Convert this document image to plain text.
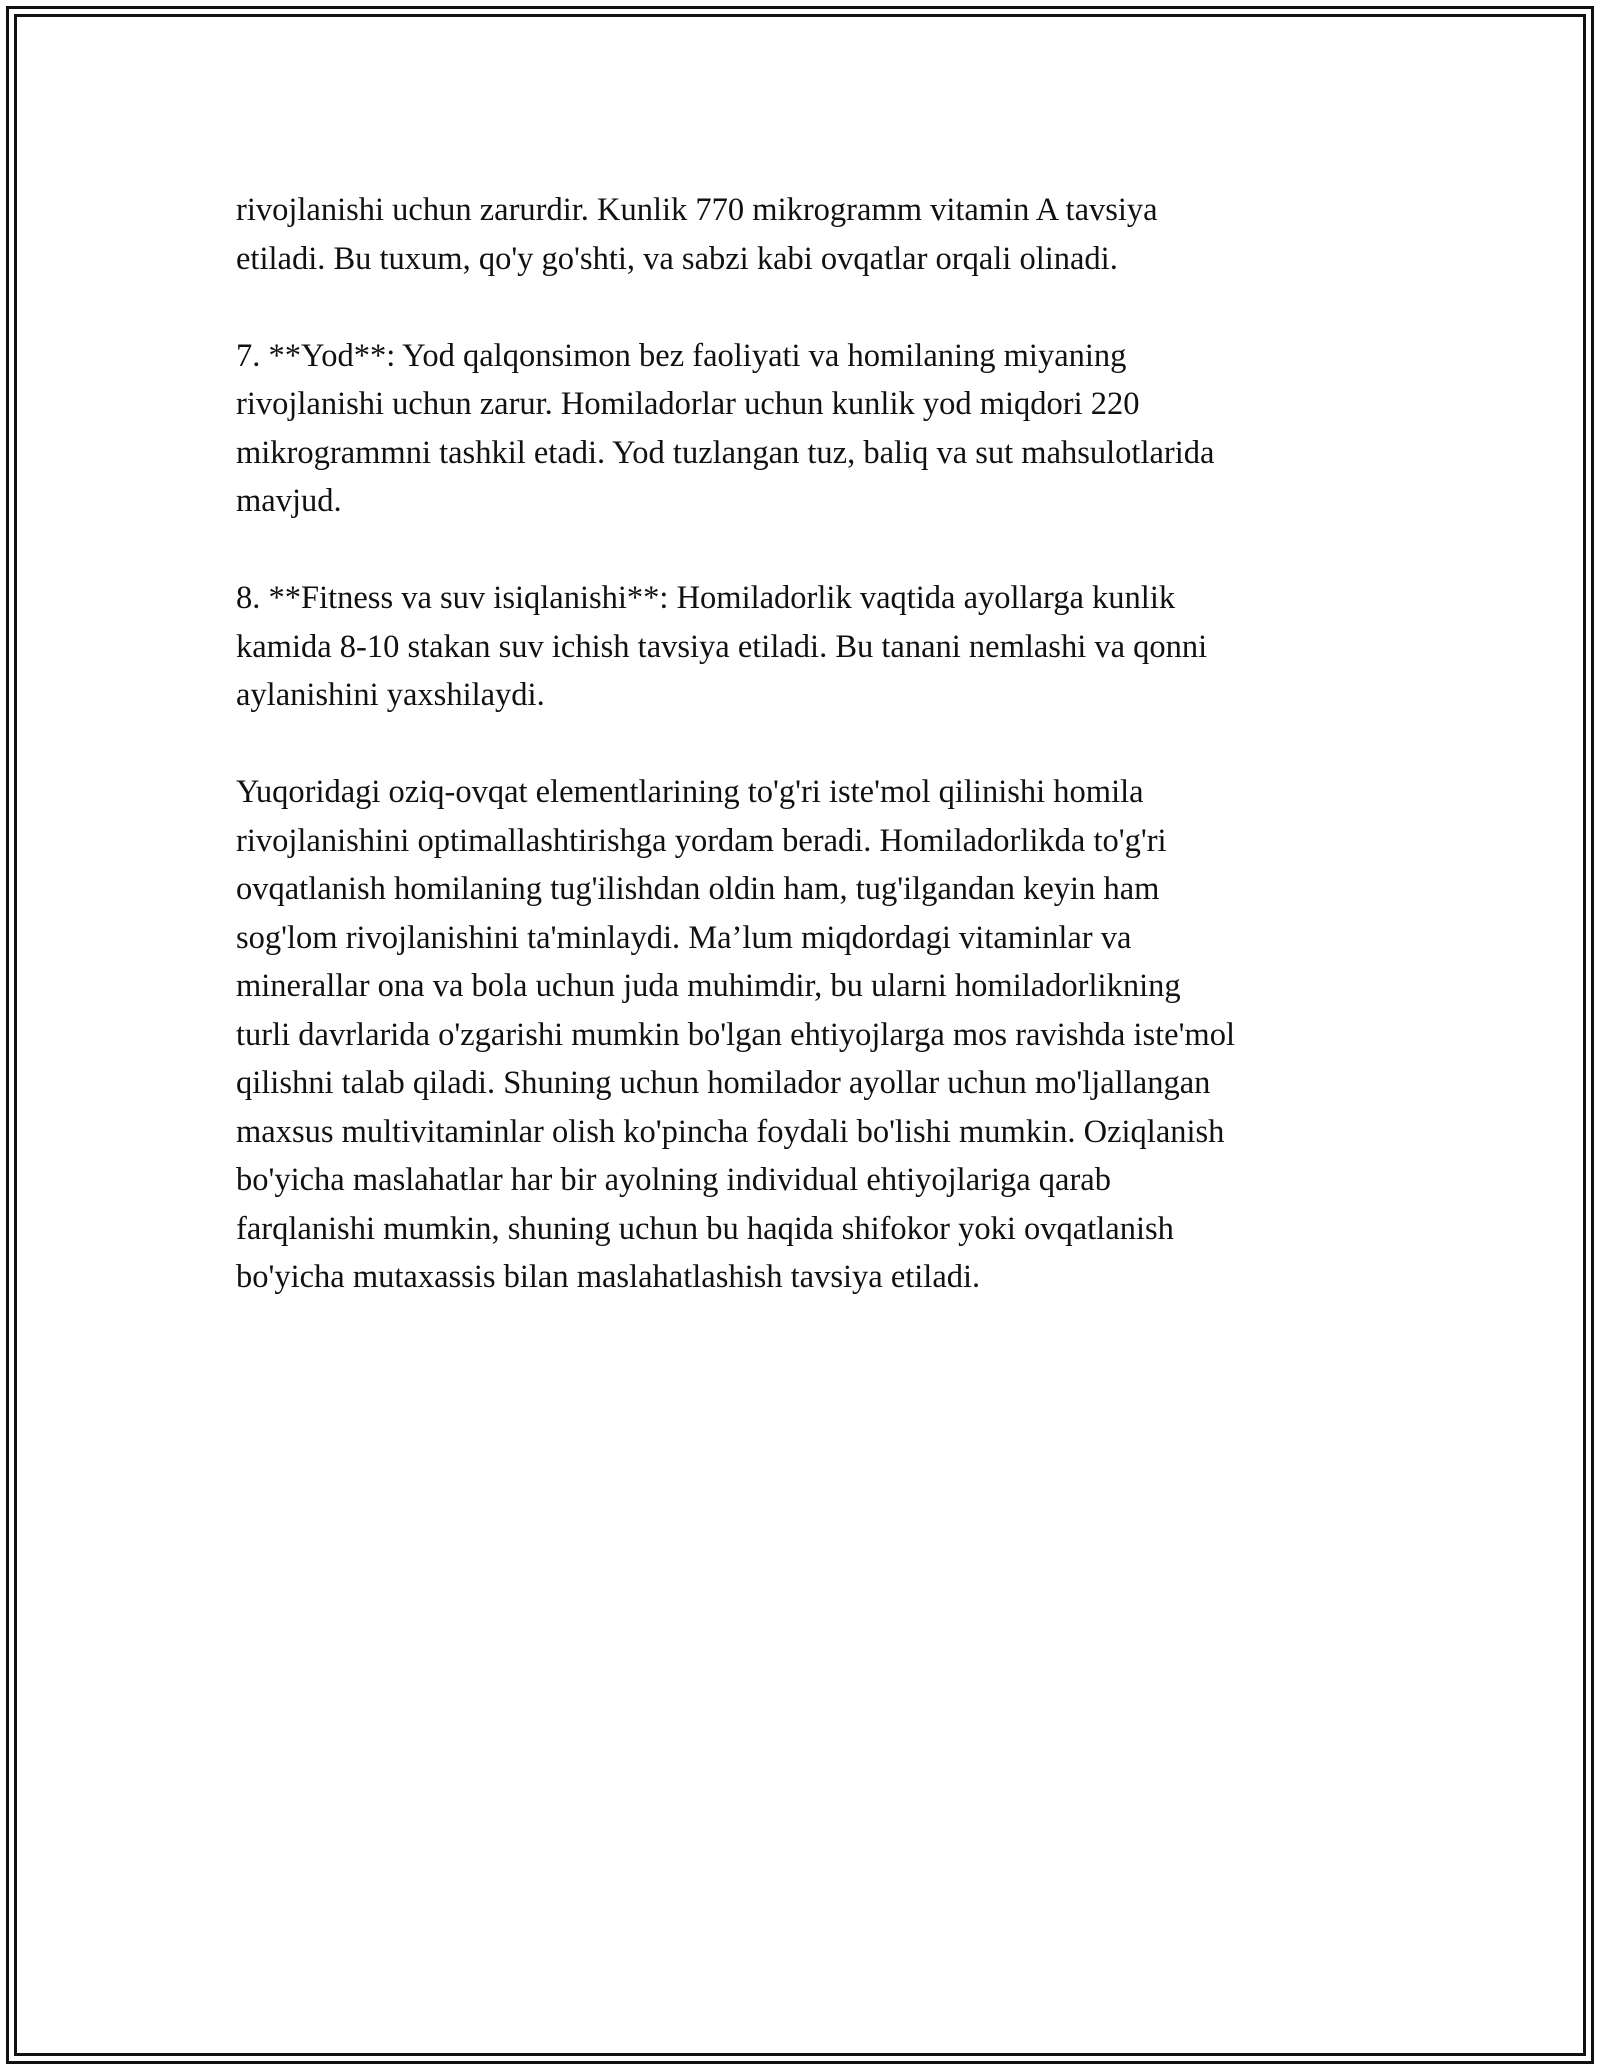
rivojlanishi uchun zarurdir. Kunlik 770 mikrogramm vitamin A tavsiya
etiladi. Bu tuxum, qo'y go'shti, va sabzi kabi ovqatlar orqali olinadi.

7. **Yod**: Yod qalqonsimon bez faoliyati va homilaning miyaning
rivojlanishi uchun zarur. Homiladorlar uchun kunlik yod miqdori 220
mikrogrammni tashkil etadi. Yod tuzlangan tuz, baliq va sut mahsulotlarida
mavjud.

8. **Fitness va suv isiqlanishi**: Homiladorlik vaqtida ayollarga kunlik
kamida 8-10 stakan suv ichish tavsiya etiladi. Bu tanani nemlashi va qonni
aylanishini yaxshilaydi.

Yuqoridagi oziq-ovqat elementlarining to'g'ri iste'mol qilinishi homila
rivojlanishini optimallashtirishga yordam beradi. Homiladorlikda to'g'ri
ovqatlanish homilaning tug'ilishdan oldin ham, tug'ilgandan keyin ham
sog'lom rivojlanishini ta'minlaydi. Ma’lum miqdordagi vitaminlar va
minerallar ona va bola uchun juda muhimdir, bu ularni homiladorlikning
turli davrlarida o'zgarishi mumkin bo'lgan ehtiyojlarga mos ravishda iste'mol
qilishni talab qiladi. Shuning uchun homilador ayollar uchun mo'ljallangan
maxsus multivitaminlar olish ko'pincha foydali bo'lishi mumkin. Oziqlanish
bo'yicha maslahatlar har bir ayolning individual ehtiyojlariga qarab
farqlanishi mumkin, shuning uchun bu haqida shifokor yoki ovqatlanish
bo'yicha mutaxassis bilan maslahatlashish tavsiya etiladi.
